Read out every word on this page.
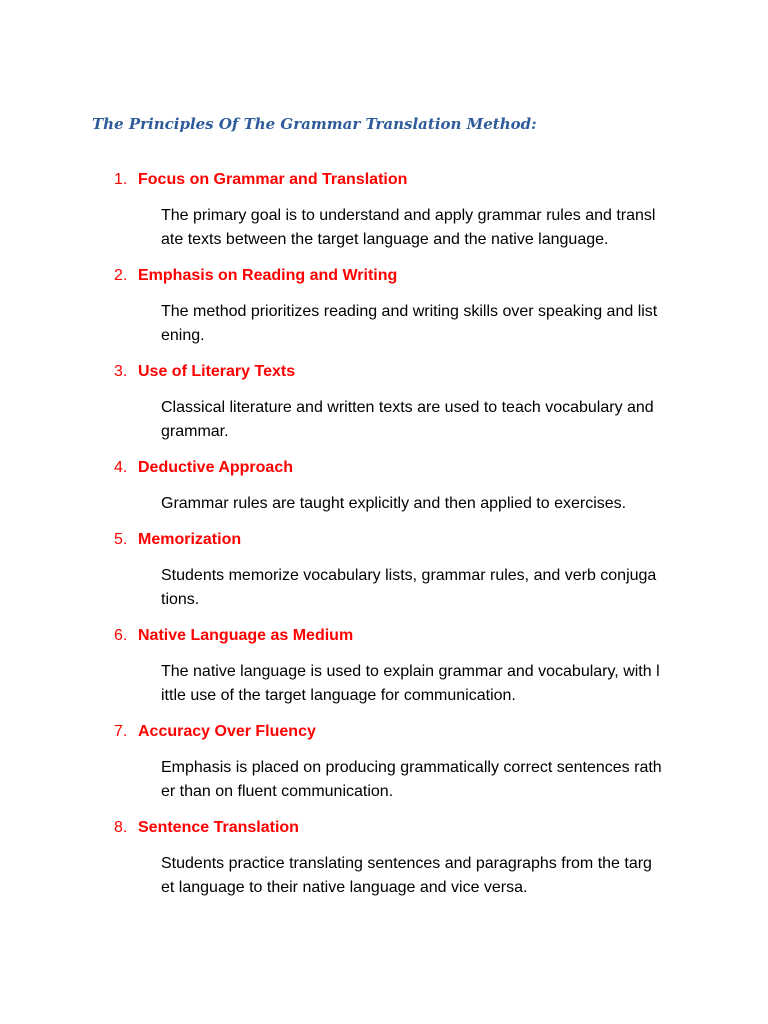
The Principles Of The Grammar Translation Method:
1. Focus on Grammar and Translation

The primary goal is to understand and apply grammar rules and transl
ate texts between the target language and the native language.

2. Emphasis on Reading and Writing

The method prioritizes reading and writing skills over speaking and list
ening.

3. Use of Literary Texts

Classical literature and written texts are used to teach vocabulary and
grammar.

4. Deductive Approach

Grammar rules are taught explicitly and then applied to exercises.

5. Memorization

Students memorize vocabulary lists, grammar rules, and verb conjuga
tions.

6. Native Language as Medium

The native language is used to explain grammar and vocabulary, with l
ittle use of the target language for communication.

7. Accuracy Over Fluency

Emphasis is placed on producing grammatically correct sentences rath
er than on fluent communication.

8. Sentence Translation

Students practice translating sentences and paragraphs from the targ
et language to their native language and vice versa.
